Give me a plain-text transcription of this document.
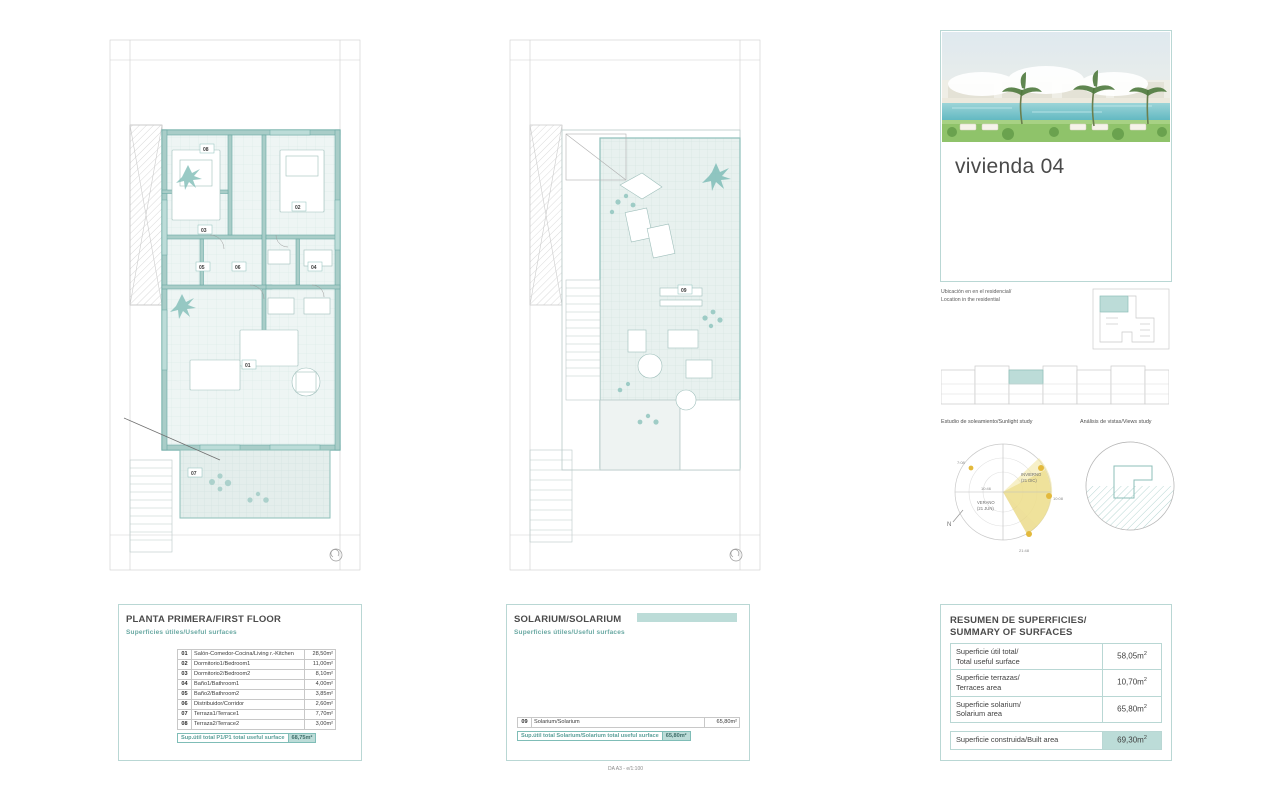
01
02
03
04
05	06
07
08
09
PLANTA PRIMERA/FIRST FLOOR
Superficies útiles/Useful surfaces
01	Salón-Comedor-Cocina/Living r.-Kitchen	28,50m²
02	Dormitorio1/Bedroom1	11,00m²
03	Dormitorio2/Bedroom2	8,10m²
04	Baño1/Bathroom1	4,00m²
05	Baño2/Bathroom2	3,85m²
06	Distribuidor/Corridor	2,60m²
07	Terraza1/Terrace1	7,70m²
08	Terraza2/Terrace2	3,00m²
Sup.útil total P1/P1 total useful surface	68,75m²
SOLARIUM/SOLARIUM
Superficies útiles/Useful surfaces
09	Solarium/Solarium	65,80m²
Sup.útil total Solarium/Solarium total useful surface	65,80m²
DA A3 - e/1:100
vivienda 04
Ubicación en en el residencial/
Location in the residential
Estudio de soleamiento/Sunlight study	Análisis de vistas/Views study
7:08
10:08
21:48
10:46
VERANO
(21 JUN)
INVIERNO
(21 DIC)
N
RESUMEN DE SUPERFICIES/
SUMMARY OF SURFACES
Superficie útil total/
Total useful surface	$58,05m^2$
Superficie terrazas/
Terraces area	$10,70m^2$
Superficie solarium/
Solarium area	$65,80m^2$
Superficie construida/Built area	$69,30m^2$
